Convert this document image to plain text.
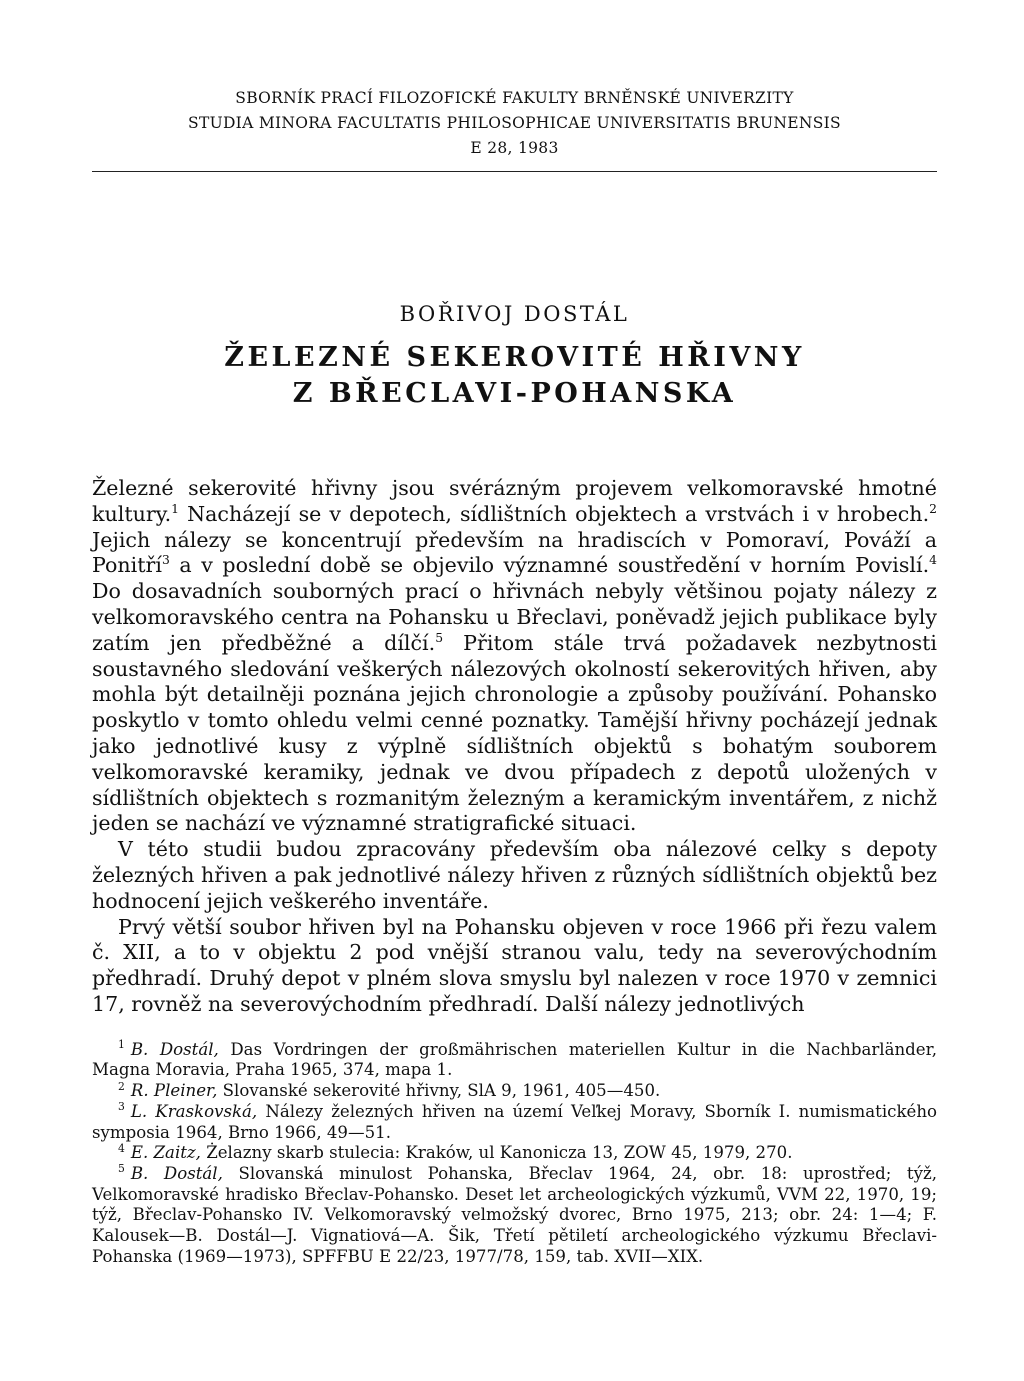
SBORNÍK PRACÍ FILOZOFICKÉ FAKULTY BRNĚNSKÉ UNIVERZITY
STUDIA MINORA FACULTATIS PHILOSOPHICAE UNIVERSITATIS BRUNENSIS
E 28, 1983
BOŘIVOJ DOSTÁL
ŽELEZNÉ SEKEROVITÉ HŘIVNY
Z BŘECLAVI-POHANSKA

Železné sekerovité hřivny jsou svérázným projevem velkomoravské hmotné kultury.$^1$ Nacházejí se v depotech, sídlištních objektech a vrstvách i v hrobech.$^2$ Jejich nálezy se koncentrují především na hradiscích v Pomoraví, Pováží a Ponitří$^3$ a v poslední době se objevilo významné soustředění v horním Povislí.$^4$ Do dosavadních souborných prací o hřivnách nebyly většinou pojaty nálezy z velkomoravského centra na Pohansku u Břeclavi, poněvadž jejich publikace byly zatím jen předběžné a dílčí.$^5$ Přitom stále trvá požadavek nezbytnosti soustavného sledování veškerých nálezových okolností sekerovitých hřiven, aby mohla být detailněji poznána jejich chronologie a způsoby používání. Pohansko poskytlo v tomto ohledu velmi cenné poznatky. Tamější hřivny pocházejí jednak jako jednotlivé kusy z výplně sídlištních objektů s bohatým souborem velkomoravské keramiky, jednak ve dvou případech z depotů uložených v sídlištních objektech s rozmanitým železným a keramickým inventářem, z nichž jeden se nachází ve významné stratigrafické situaci.

V této studii budou zpracovány především oba nálezové celky s depoty železných hřiven a pak jednotlivé nálezy hřiven z různých sídlištních objektů bez hodnocení jejich veškerého inventáře.

Prvý větší soubor hřiven byl na Pohansku objeven v roce 1966 při řezu valem č. XII, a to v objektu 2 pod vnější stranou valu, tedy na severovýchodním předhradí. Druhý depot v plném slova smyslu byl nalezen v roce 1970 v zemnici 17, rovněž na severovýchodním předhradí. Další nálezy jednotlivých

$^1$ B. Dostál, Das Vordringen der großmährischen materiellen Kultur in die Nachbarländer, Magna Moravia, Praha 1965, 374, mapa 1.

$^2$ R. Pleiner, Slovanské sekerovité hřivny, SlA 9, 1961, 405—450.

$^3$ L. Kraskovská, Nálezy železných hřiven na území Veľkej Moravy, Sborník I. numismatického symposia 1964, Brno 1966, 49—51.

$^4$ E. Zaitz, Żelazny skarb stulecia: Kraków, ul Kanonicza 13, ZOW 45, 1979, 270.

$^5$ B. Dostál, Slovanská minulost Pohanska, Břeclav 1964, 24, obr. 18: uprostřed; týž, Velkomoravské hradisko Břeclav-Pohansko. Deset let archeologických výzkumů, VVM 22, 1970, 19; týž, Břeclav-Pohansko IV. Velkomoravský velmožský dvorec, Brno 1975, 213; obr. 24: 1—4; F. Kalousek—B. Dostál—J. Vignatiová—A. Šik, Třetí pětiletí archeologického výzkumu Břeclavi-Pohanska (1969—1973), SPFFBU E 22/23, 1977/78, 159, tab. XVII—XIX.
